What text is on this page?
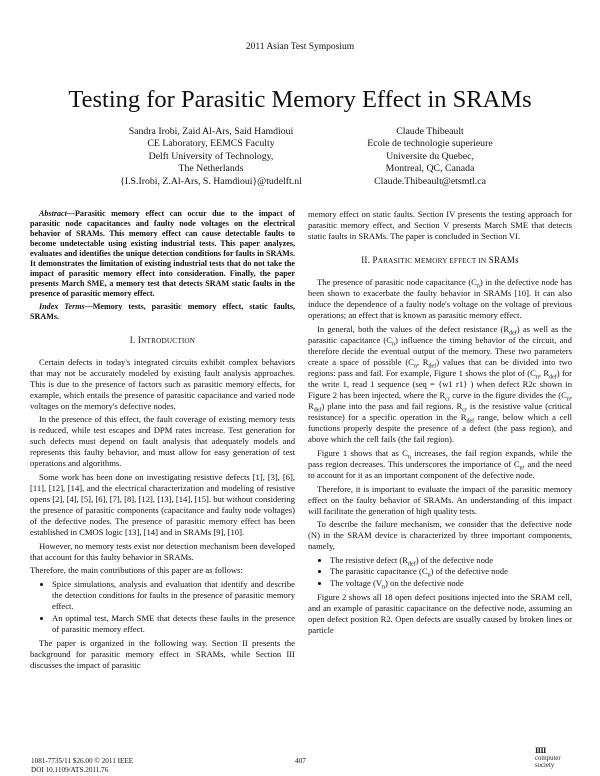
2011 Asian Test Symposium
Testing for Parasitic Memory Effect in SRAMs
Sandra Irobi, Zaid Al-Ars, Said Hamdioui
CE Laboratory, EEMCS Faculty
Delft University of Technology,
The Netherlands
{I.S.Irobi, Z.Al-Ars, S. Hamdioui}@tudelft.nl
Claude Thibeault
Ecole de technologie superieure
Universite du Quebec,
Montreal, QC, Canada
Claude.Thibeault@etsmtl.ca

Abstract—Parasitic memory effect can occur due to the impact of parasitic node capacitances and faulty node voltages on the electrical behavior of SRAMs. This memory effect can cause detectable faults to become undetectable using existing industrial tests. This paper analyzes, evaluates and identifies the unique detection conditions for faults in SRAMs. It demonstrates the limitation of existing industrial tests that do not take the impact of parasitic memory effect into consideration. Finally, the paper presents March SME, a memory test that detects SRAM static faults in the presence of parasitic memory effect.

Index Terms—Memory tests, parasitic memory effect, static faults, SRAMs.

I. INTRODUCTION

Certain defects in today's integrated circuits exhibit complex behaviors that may not be accurately modeled by existing fault analysis approaches. This is due to the presence of factors such as parasitic memory effects, for example, which entails the presence of parasitic capacitance and varied node voltages on the memory's defective nodes.

In the presence of this effect, the fault coverage of existing memory tests is reduced, while test escapes and DPM rates increase. Test generation for such defects must depend on fault analysis that adequately models and represents this faulty behavior, and must allow for easy generation of test operations and algorithms.

Some work has been done on investigating resistive defects [1], [3], [6], [11], [12], [14], and the electrical characterization and modeling of resistive opens [2], [4], [5], [6], [7], [8], [12], [13], [14], [15]. but without considering the presence of parasitic components (capacitance and faulty node voltages) of the defective nodes. The presence of parasitic memory effect has been established in CMOS logic [13], [14] and in SRAMs [9], [10].

However, no memory tests exist nor detection mechanism been developed that account for this faulty behavior in SRAMs.

Therefore, the main contributions of this paper are as follows:

• Spice simulations, analysis and evaluation that identify and describe the detection conditions for faults in the presence of parasitic memory effect.
• An optimal test, March SME that detects these faults in the presence of parasitic memory effect.

The paper is organized in the following way. Section II presents the background for parasitic memory effect in SRAMs, while Section III discusses the impact of parasitic

memory effect on static faults. Section IV presents the testing approach for parasitic memory effect, and Section V presents March SME that detects static faults in SRAMs. The paper is concluded in Section VI.

II. PARASITIC MEMORY EFFECT IN SRAMs

The presence of parasitic node capacitance $(C_n)$ in the defective node has been shown to exacerbate the faulty behavior in SRAMs [10]. It can also induce the dependence of a faulty node's voltage on the voltage of previous operations; an effect that is known as parasitic memory effect.

In general, both the values of the defect resistance $(R_{def})$ as well as the parasitic capacitance $(C_n)$ influence the timing behavior of the circuit, and therefore decide the eventual output of the memory. These two parameters create a space of possible ($C_n$, $R_{def}$) values that can be divided into two regions: pass and fail. For example, Figure 1 shows the plot of ($C_n$, $R_{def}$) for the write 1, read 1 sequence (seq = {w1 r1} ) when defect R2c shown in Figure 2 has been injected, where the $R_{cr}$ curve in the figure divides the ($C_n$, $R_{def}$) plane into the pass and fail regions. $R_{cr}$ is the resistive value (critical resistance) for a specific operation in the $R_{def}$ range, below which a cell functions properly despite the presence of a defect (the pass region), and above which the cell fails (the fail region).

Figure 1 shows that as $C_n$ increases, the fail region expands, while the pass region decreases. This underscores the importance of $C_n$, and the need to account for it as an important component of the defective node.

Therefore, it is important to evaluate the impact of the parasitic memory effect on the faulty behavior of SRAMs. An understanding of this impact will facilitate the generation of high quality tests.

To describe the failure mechanism, we consider that the defective node (N) in the SRAM device is characterized by three important components, namely,

• The resistive defect $(R_{def})$ of the defective node
• The parasitic capacitance $(C_n)$ of the defective node
• The voltage $(V_n)$ on the defective node

Figure 2 shows all 18 open defect positions injected into the SRAM cell, and an example of parasitic capacitance on the defective node, assuming an open defect position R2. Open defects are usually caused by broken lines or particle

1081-7735/11 $26.00 © 2011 IEEE
DOI 10.1109/ATS.2011.76
407
ⅡⅡ
computer
society
